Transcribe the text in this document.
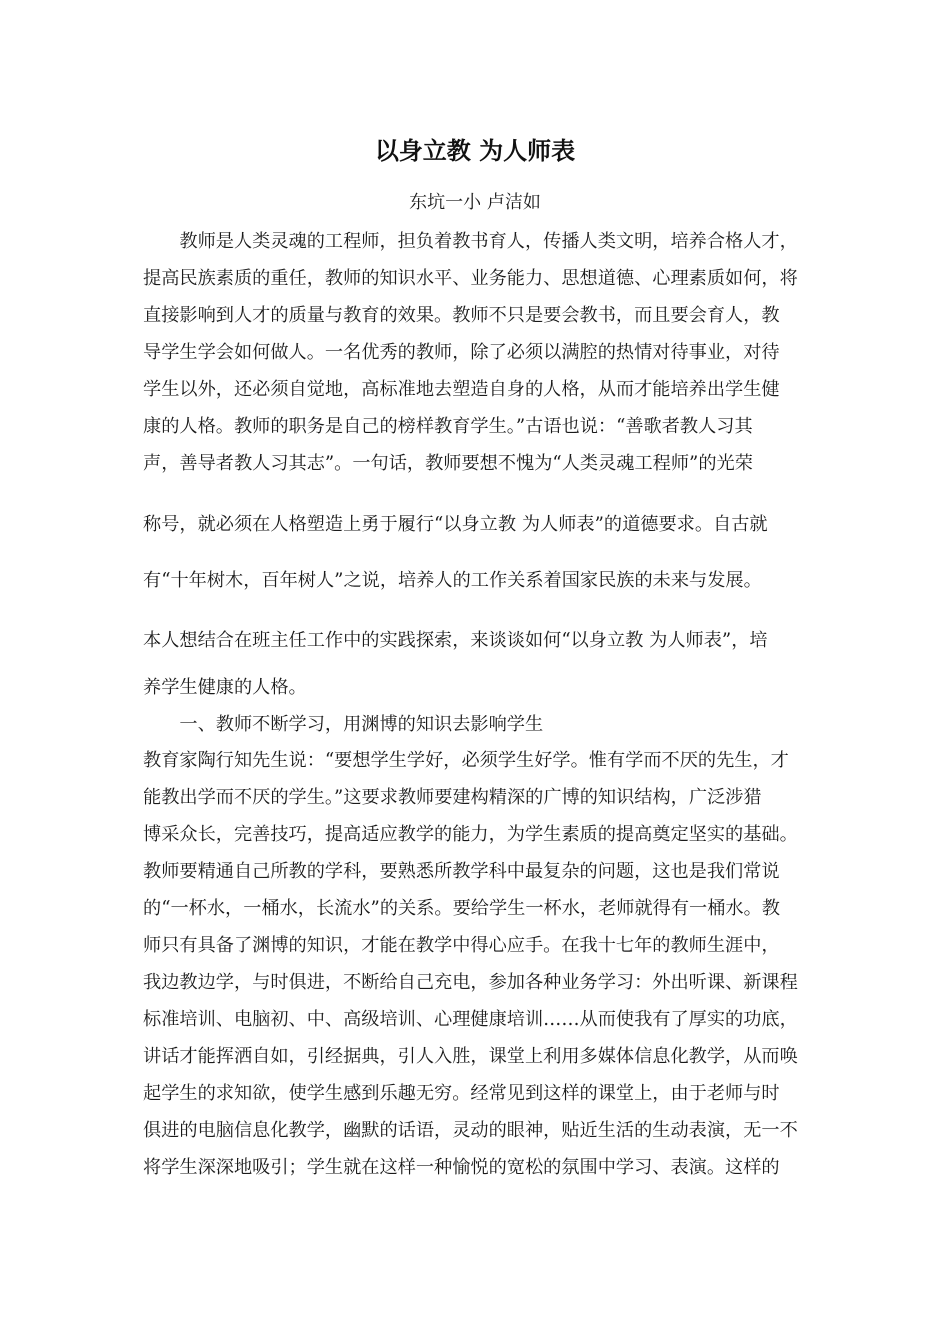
以身立教 为人师表
东坑一小 卢洁如
　　教师是人类灵魂的工程师，担负着教书育人，传播人类文明，培养合格人才，
提高民族素质的重任，教师的知识水平、业务能力、思想道德、心理素质如何，将
直接影响到人才的质量与教育的效果。教师不只是要会教书，而且要会育人，教
导学生学会如何做人。一名优秀的教师，除了必须以满腔的热情对待事业，对待
学生以外，还必须自觉地，高标准地去塑造自身的人格，从而才能培养出学生健
康的人格。教师的职务是自己的榜样教育学生。”古语也说：“善歌者教人习其
声，善导者教人习其志”。一句话，教师要想不愧为“人类灵魂工程师”的光荣
称号，就必须在人格塑造上勇于履行“以身立教 为人师表”的道德要求。自古就
有“十年树木，百年树人”之说，培养人的工作关系着国家民族的未来与发展。
本人想结合在班主任工作中的实践探索，来谈谈如何“以身立教 为人师表”，培
养学生健康的人格。
　　一、教师不断学习，用渊博的知识去影响学生
教育家陶行知先生说：“要想学生学好，必须学生好学。惟有学而不厌的先生，才
能教出学而不厌的学生。”这要求教师要建构精深的广博的知识结构，广泛涉猎
博采众长，完善技巧，提高适应教学的能力，为学生素质的提高奠定坚实的基础。
教师要精通自己所教的学科，要熟悉所教学科中最复杂的问题，这也是我们常说
的“一杯水，一桶水，长流水”的关系。要给学生一杯水，老师就得有一桶水。教
师只有具备了渊博的知识，才能在教学中得心应手。在我十七年的教师生涯中，
我边教边学，与时俱进，不断给自己充电，参加各种业务学习：外出听课、新课程
标准培训、电脑初、中、高级培训、心理健康培训……从而使我有了厚实的功底，
讲话才能挥洒自如，引经据典，引人入胜，课堂上利用多媒体信息化教学，从而唤
起学生的求知欲，使学生感到乐趣无穷。经常见到这样的课堂上，由于老师与时
俱进的电脑信息化教学，幽默的话语，灵动的眼神，贴近生活的生动表演，无一不
将学生深深地吸引；学生就在这样一种愉悦的宽松的氛围中学习、表演。这样的
